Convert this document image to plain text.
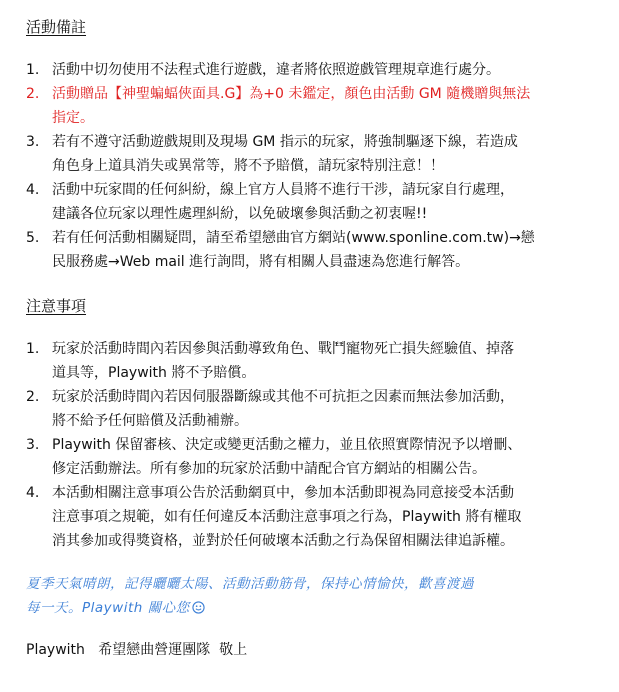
活動備註
1. 活動中切勿使用不法程式進行遊戲，違者將依照遊戲管理規章進行處分。
2. 活動贈品【神聖蝙蝠俠面具.G】為+0 未鑑定，顏色由活動 GM 隨機贈與無法
指定。
3. 若有不遵守活動遊戲規則及現場 GM 指示的玩家，將強制驅逐下線，若造成
角色身上道具消失或異常等，將不予賠償，請玩家特別注意！！
4. 活動中玩家間的任何糾紛，線上官方人員將不進行干涉，請玩家自行處理，
建議各位玩家以理性處理糾紛，以免破壞參與活動之初衷喔!!
5. 若有任何活動相關疑問，請至希望戀曲官方網站(www.sponline.com.tw)→戀
民服務處→Web mail 進行詢問，將有相關人員盡速為您進行解答。
注意事項
1. 玩家於活動時間內若因參與活動導致角色、戰鬥寵物死亡損失經驗值、掉落
道具等，Playwith 將不予賠償。
2. 玩家於活動時間內若因伺服器斷線或其他不可抗拒之因素而無法參加活動，
將不給予任何賠償及活動補辦。
3. Playwith 保留審核、決定或變更活動之權力，並且依照實際情況予以增刪、
修定活動辦法。所有參加的玩家於活動中請配合官方網站的相關公告。
4. 本活動相關注意事項公告於活動網頁中，參加本活動即視為同意接受本活動
注意事項之規範，如有任何違反本活動注意事項之行為，Playwith 將有權取
消其參加或得獎資格，並對於任何破壞本活動之行為保留相關法律追訴權。
夏季天氣晴朗，記得曬曬太陽、活動活動筋骨，保持心情愉快，歡喜渡過
每一天。Playwith 關心您
Playwith   希望戀曲營運團隊  敬上
